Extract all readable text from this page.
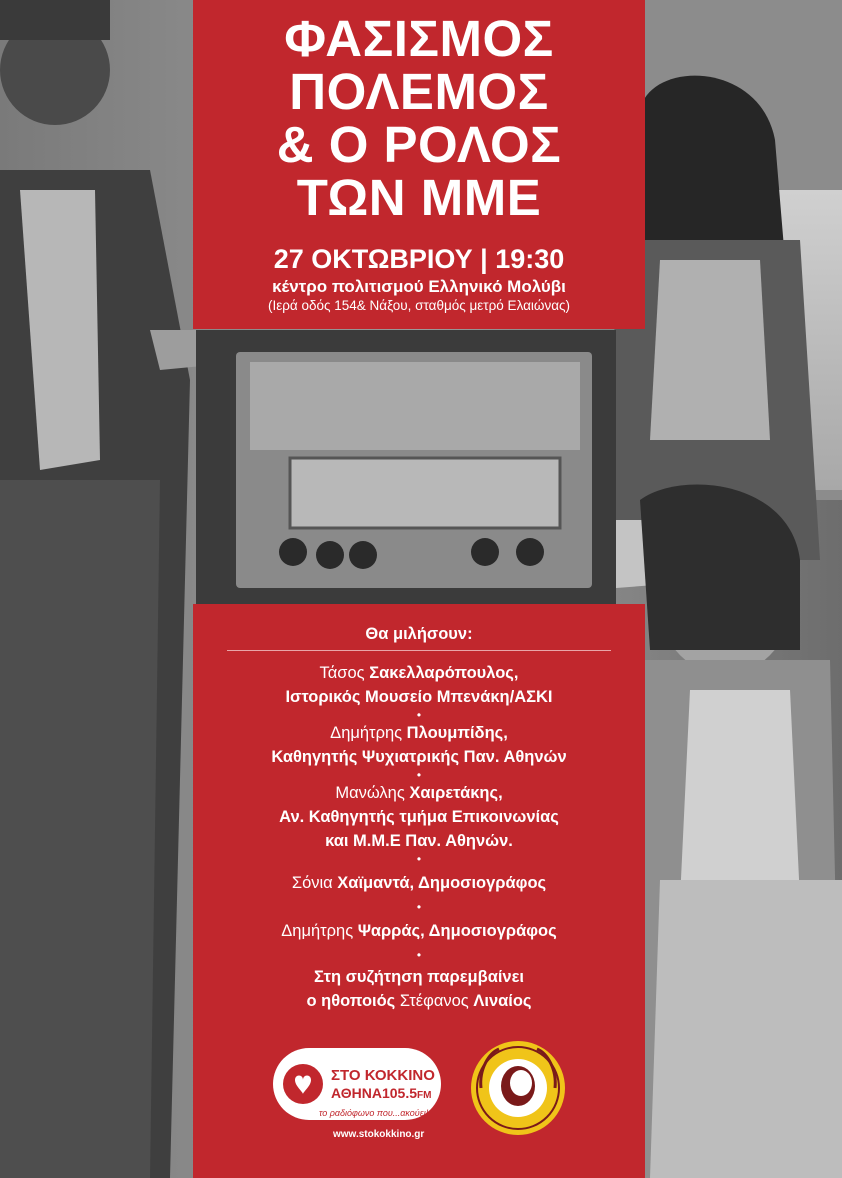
ΦΑΣΙΣΜΟΣ
ΠΟΛΕΜΟΣ
& Ο ΡΟΛΟΣ
ΤΩΝ ΜΜΕ
27 ΟΚΤΩΒΡΙΟΥ | 19:30
κέντρο πολιτισμού Ελληνικό Μολύβι
(Ιερά οδός 154& Νάξου, σταθμός μετρό Ελαιώνας)
Θα μιλήσουν:
Τάσος Σακελλαρόπουλος,
Ιστορικός Μουσείο Μπενάκη/ΑΣΚΙ
•
Δημήτρης Πλουμπίδης,
Καθηγητής Ψυχιατρικής Παν. Αθηνών
•
Μανώλης Χαιρετάκης,
Αν. Καθηγητής τμήμα Επικοινωνίας
και Μ.Μ.Ε Παν. Αθηνών.
•
Σόνια Χαϊμαντά, Δημοσιογράφος
•
Δημήτρης Ψαρράς, Δημοσιογράφος
•
Στη συζήτηση παρεμβαίνει
ο ηθοποιός Στέφανος Λιναίος
ΣΤΟ ΚΟΚΚΙΝΟ
ΑΘΗΝΑ105.5FM
το ραδιόφωνο που...ακούει!
www.stokokkino.gr
